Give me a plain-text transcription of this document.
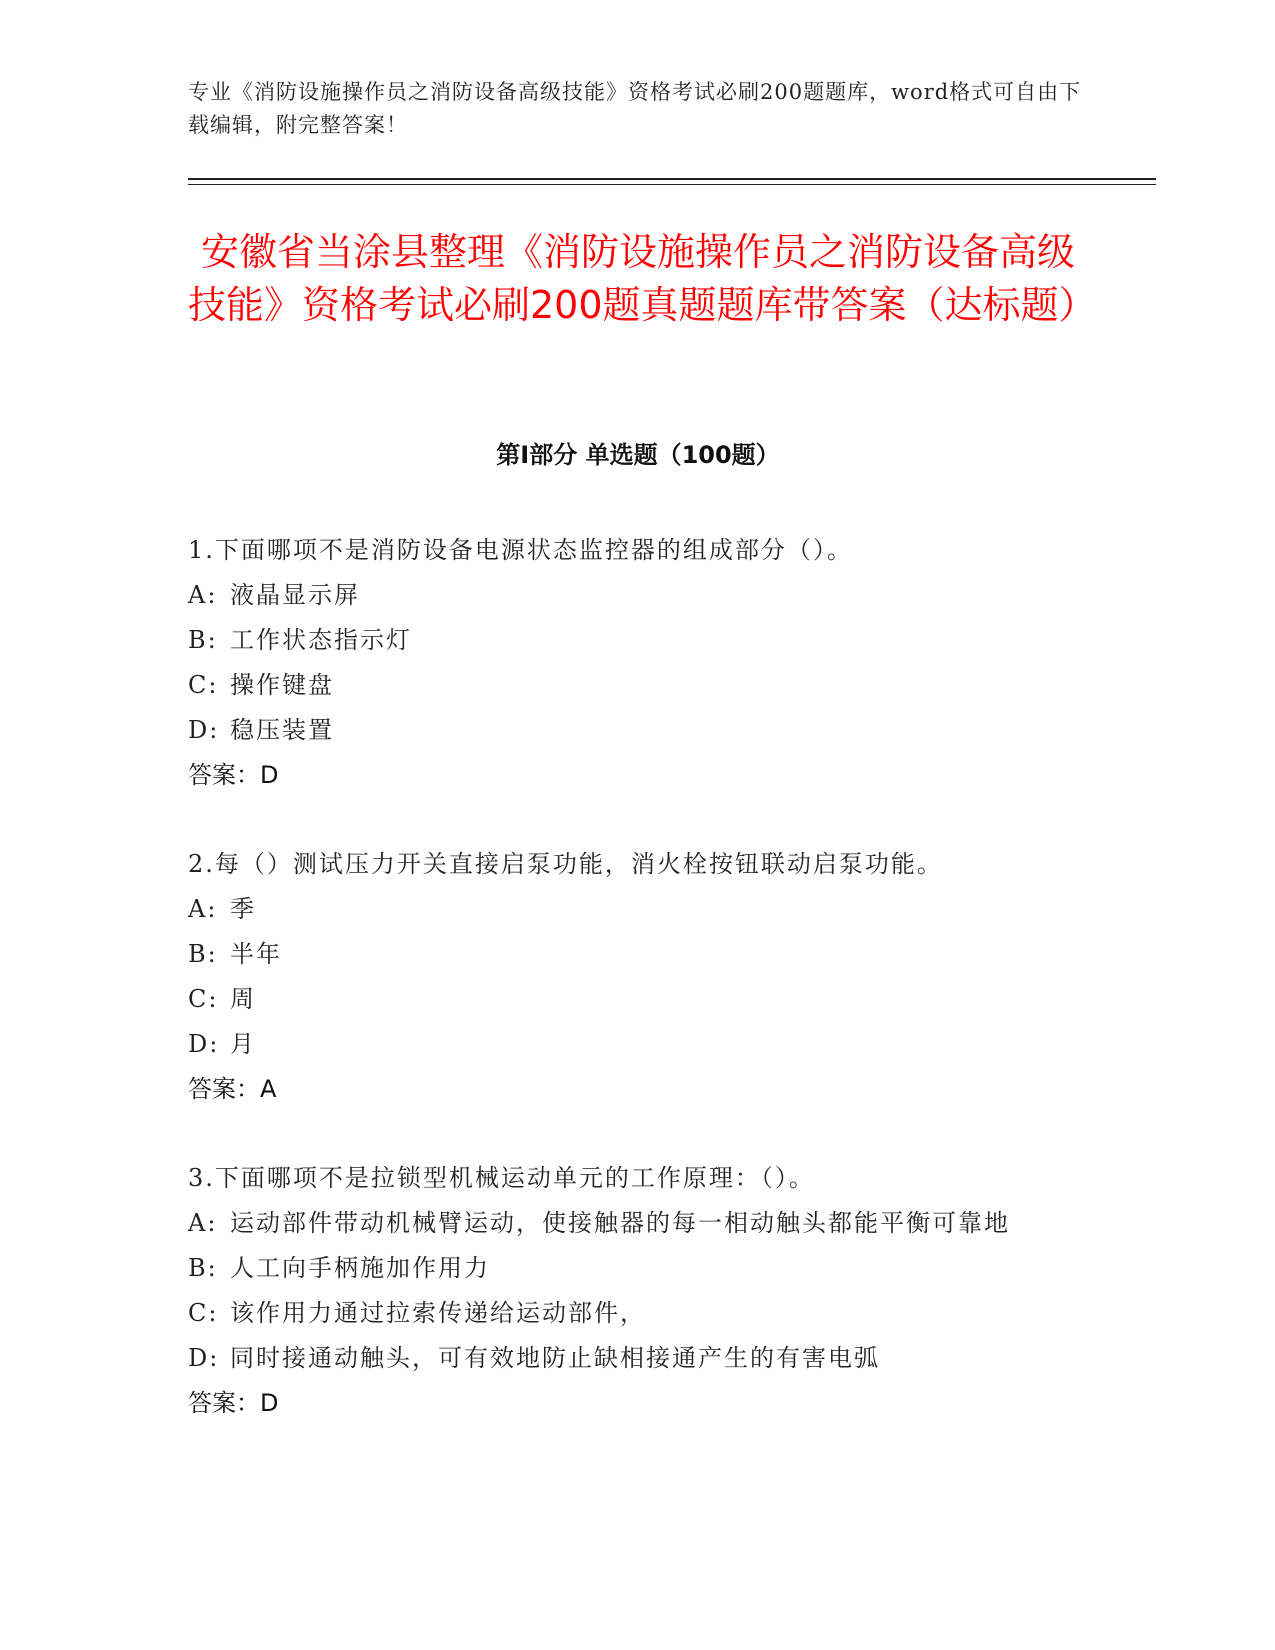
专业《消防设施操作员之消防设备高级技能》资格考试必刷200题题库，word格式可自由下载编辑，附完整答案！
安徽省当涂县整理《消防设施操作员之消防设备高级技能》资格考试必刷200题真题题库带答案（达标题）
第Ⅰ部分 单选题（100题）

1.下面哪项不是消防设备电源状态监控器的组成部分（）。

A: 液晶显示屏

B: 工作状态指示灯

C: 操作键盘

D: 稳压装置

答案：D

2.每（）测试压力开关直接启泵功能，消火栓按钮联动启泵功能。

A: 季

B: 半年

C: 周

D: 月

答案：A

3.下面哪项不是拉锁型机械运动单元的工作原理：（）。

A: 运动部件带动机械臂运动，使接触器的每一相动触头都能平衡可靠地

B: 人工向手柄施加作用力

C: 该作用力通过拉索传递给运动部件，

D: 同时接通动触头，可有效地防止缺相接通产生的有害电弧

答案：D
